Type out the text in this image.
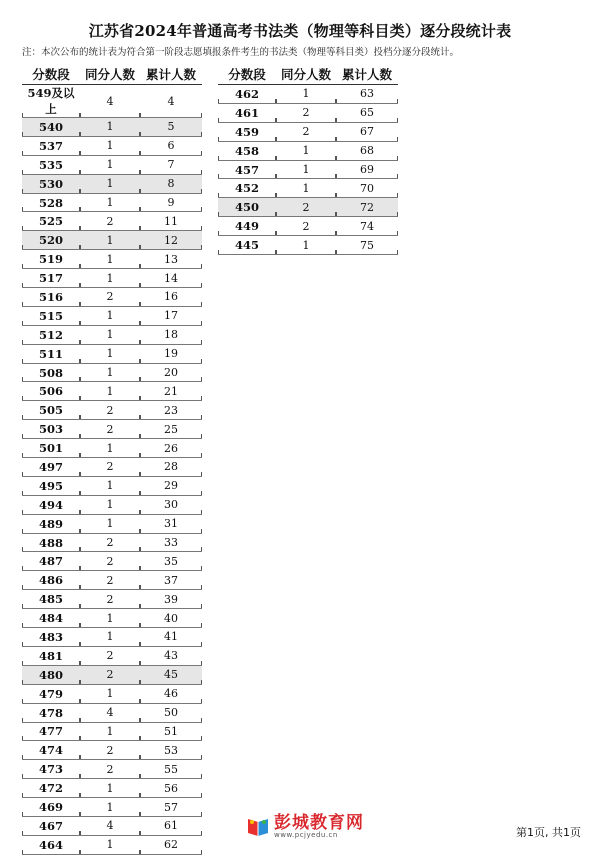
江苏省2024年普通高考书法类（物理等科目类）逐分段统计表
注：本次公布的统计表为符合第一阶段志愿填报条件考生的书法类（物理等科目类）投档分逐分段统计。
分数段	同分人数	累计人数
549及以上	4	4
540	1	5
537	1	6
535	1	7
530	1	8
528	1	9
525	2	11
520	1	12
519	1	13
517	1	14
516	2	16
515	1	17
512	1	18
511	1	19
508	1	20
506	1	21
505	2	23
503	2	25
501	1	26
497	2	28
495	1	29
494	1	30
489	1	31
488	2	33
487	2	35
486	2	37
485	2	39
484	1	40
483	1	41
481	2	43
480	2	45
479	1	46
478	4	50
477	1	51
474	2	53
473	2	55
472	1	56
469	1	57
467	4	61
464	1	62
分数段	同分人数	累计人数
462	1	63
461	2	65
459	2	67
458	1	68
457	1	69
452	1	70
450	2	72
449	2	74
445	1	75
彭城教育网
www.pcjyedu.cn	第1页, 共1页
